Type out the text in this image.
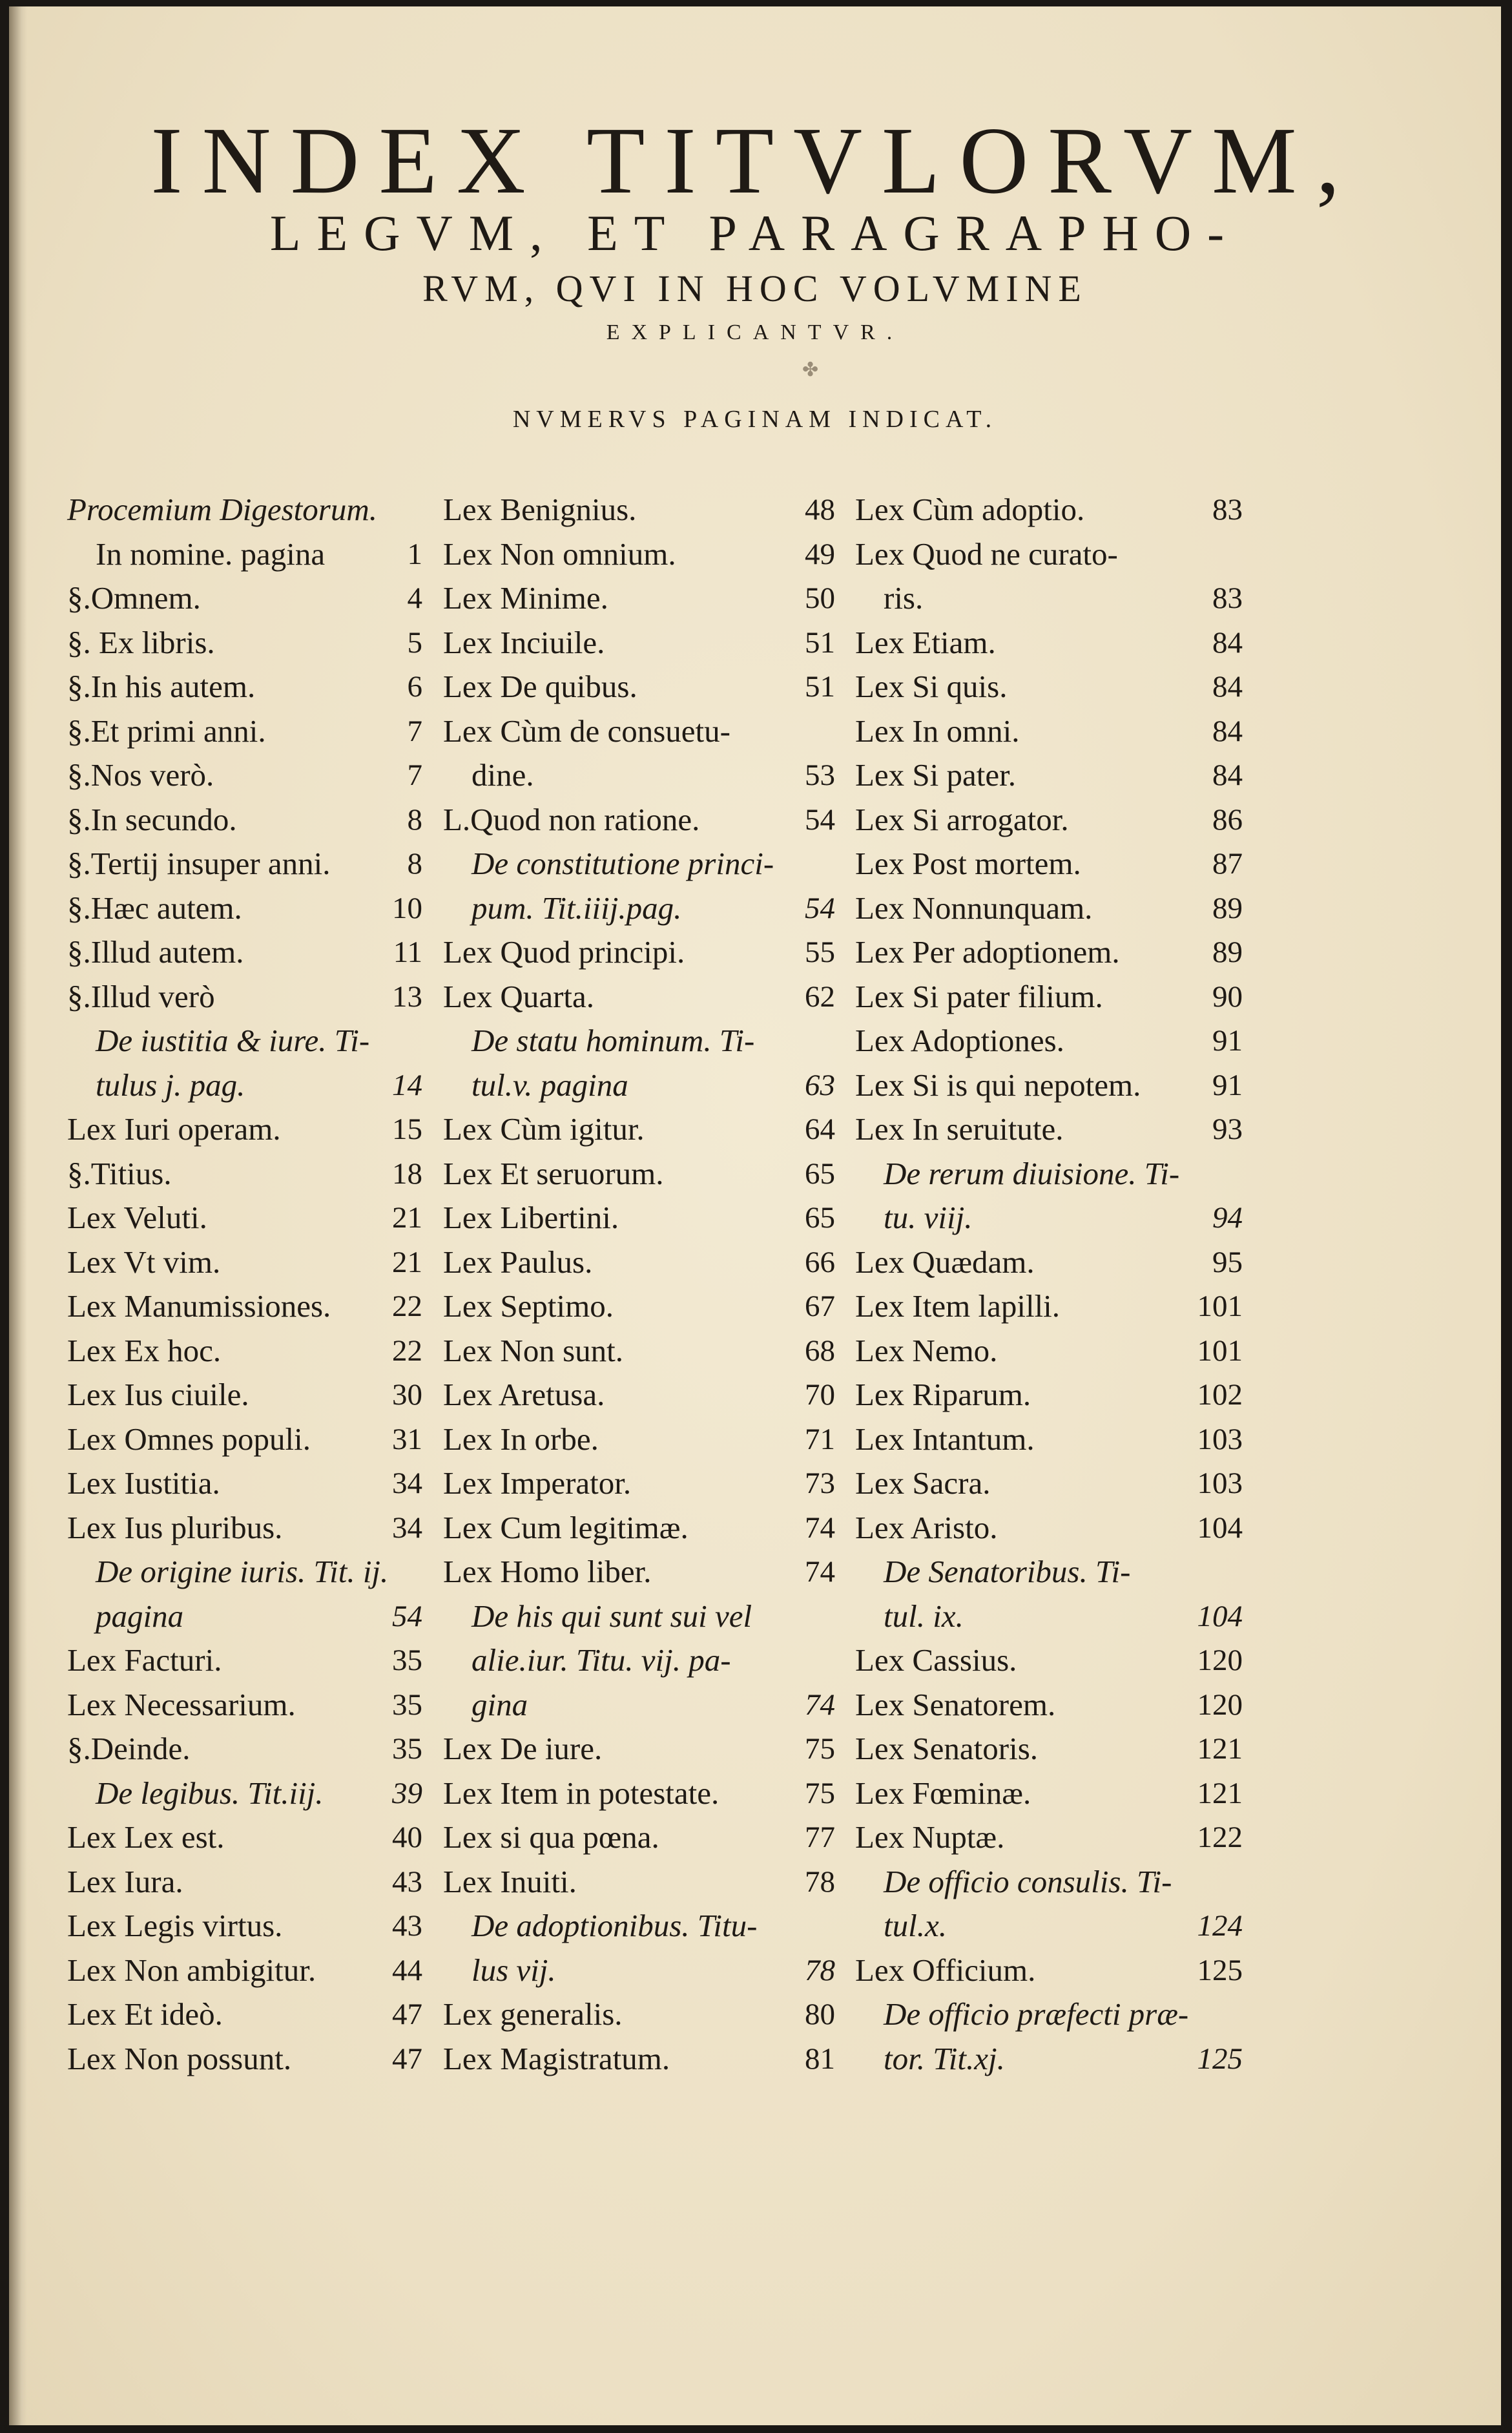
INDEX TITVLORVM,
LEGVM, ET PARAGRAPHO-
RVM, QVI IN HOC VOLVMINE
EXPLICANTVR.
✤
NVMERVS PAGINAM INDICAT.
Procemium Digestorum.
In nomine. pagina	1
§.Omnem.	4
§. Ex libris.	5
§.In his autem.	6
§.Et primi anni.	7
§.Nos verò.	7
§.In secundo.	8
§.Tertij insuper anni.	8
§.Hæc autem.	10
§.Illud autem.	11
§.Illud verò	13
De iustitia & iure. Ti-
tulus j. pag.	14
Lex Iuri operam.	15
§.Titius.	18
Lex Veluti.	21
Lex Vt vim.	21
Lex Manumissiones. 22
Lex Ex hoc.	22
Lex Ius ciuile.	30
Lex Omnes populi.	31
Lex Iustitia.	34
Lex Ius pluribus.	34
De origine iuris. Tit. ij.
pagina	54
Lex Facturi.	35
Lex Necessarium.	35
§.Deinde.	35
De legibus. Tit.iij. 39
Lex Lex est.	40
Lex Iura.	43
Lex Legis virtus.	43
Lex Non ambigitur.	44
Lex Et ideò.	47
Lex Non possunt.	47
Lex Benignius.	48
Lex Non omnium.	49
Lex Minime.	50
Lex Inciuile.	51
Lex De quibus.	51
Lex Cùm de consuetu-
dine.	53
L.Quod non ratione.	54
De constitutione princi-
pum. Tit.iiij.pag.	54
Lex Quod principi.	55
Lex Quarta.	62
De statu hominum. Ti-
tul.v. pagina	63
Lex Cùm igitur.	64
Lex Et seruorum.	65
Lex Libertini.	65
Lex Paulus.	66
Lex Septimo.	67
Lex Non sunt.	68
Lex Aretusa.	70
Lex In orbe.	71
Lex Imperator.	73
Lex Cum legitimæ.	74
Lex Homo liber.	74
De his qui sunt sui vel
alie.iur. Titu. vij. pa-
gina	74
Lex De iure.	75
Lex Item in potestate.	75
Lex si qua pœna.	77
Lex Inuiti.	78
De adoptionibus. Titu-
lus vij.	78
Lex generalis.	80
Lex Magistratum.	81
Lex Cùm adoptio.	83
Lex Quod ne curato-
ris.	83
Lex Etiam.	84
Lex Si quis.	84
Lex In omni.	84
Lex Si pater.	84
Lex Si arrogator.	86
Lex Post mortem.	87
Lex Nonnunquam.	89
Lex Per adoptionem.	89
Lex Si pater filium.	90
Lex Adoptiones.	91
Lex Si is qui nepotem. 91
Lex In seruitute.	93
De rerum diuisione. Ti-
tu. viij.	94
Lex Quædam.	95
Lex Item lapilli.	101
Lex Nemo.	101
Lex Riparum.	102
Lex Intantum.	103
Lex Sacra.	103
Lex Aristo.	104
De Senatoribus. Ti-
tul. ix.	104
Lex Cassius.	120
Lex Senatorem.	120
Lex Senatoris.	121
Lex Fœminæ.	121
Lex Nuptæ.	122
De officio consulis. Ti-
tul.x.	124
Lex Officium.	125
De officio præfecti præ-
tor. Tit.xj.	125
